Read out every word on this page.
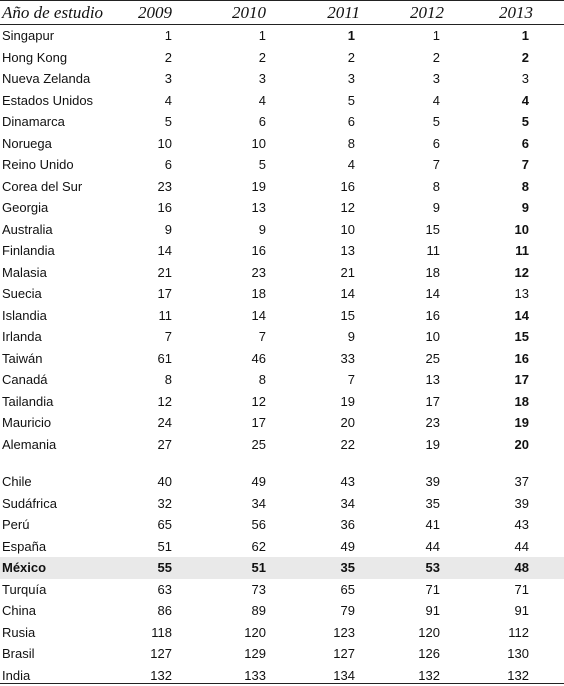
Año de estudio	2009	2010	2011	2012	2013
Singapur	1	1	1	1	1
Hong Kong	2	2	2	2	2
Nueva Zelanda	3	3	3	3	3
Estados Unidos	4	4	5	4	4
Dinamarca	5	6	6	5	5
Noruega	10	10	8	6	6
Reino Unido	6	5	4	7	7
Corea del Sur	23	19	16	8	8
Georgia	16	13	12	9	9
Australia	9	9	10	15	10
Finlandia	14	16	13	11	11
Malasia	21	23	21	18	12
Suecia	17	18	14	14	13
Islandia	11	14	15	16	14
Irlanda	7	7	9	10	15
Taiwán	61	46	33	25	16
Canadá	8	8	7	13	17
Tailandia	12	12	19	17	18
Mauricio	24	17	20	23	19
Alemania	27	25	22	19	20
Chile	40	49	43	39	37
Sudáfrica	32	34	34	35	39
Perú	65	56	36	41	43
España	51	62	49	44	44
México	55	51	35	53	48
Turquía	63	73	65	71	71
China	86	89	79	91	91
Rusia	118	120	123	120	112
Brasil	127	129	127	126	130
India	132	133	134	132	132
